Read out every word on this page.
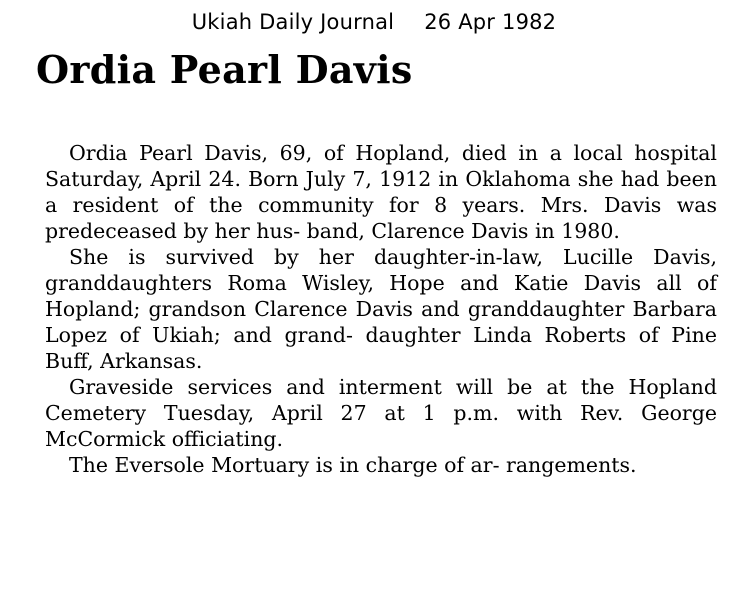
Ukiah Daily Journal 26 Apr 1982
Ordia Pearl Davis

Ordia Pearl Davis, 69, of Hopland, died in a local hospital Saturday, April 24. Born July 7, 1912 in Oklahoma she had been a resident of the community for 8 years. Mrs. Davis was predeceased by her hus- band, Clarence Davis in 1980.

She is survived by her daughter-in-law, Lucille Davis, granddaughters Roma Wisley, Hope and Katie Davis all of Hopland; grandson Clarence Davis and granddaughter Barbara Lopez of Ukiah; and grand- daughter Linda Roberts of Pine Buff, Arkansas.

Graveside services and interment will be at the Hopland Cemetery Tuesday, April 27 at 1 p.m. with Rev. George McCormick officiating.

The Eversole Mortuary is in charge of ar- rangements.
